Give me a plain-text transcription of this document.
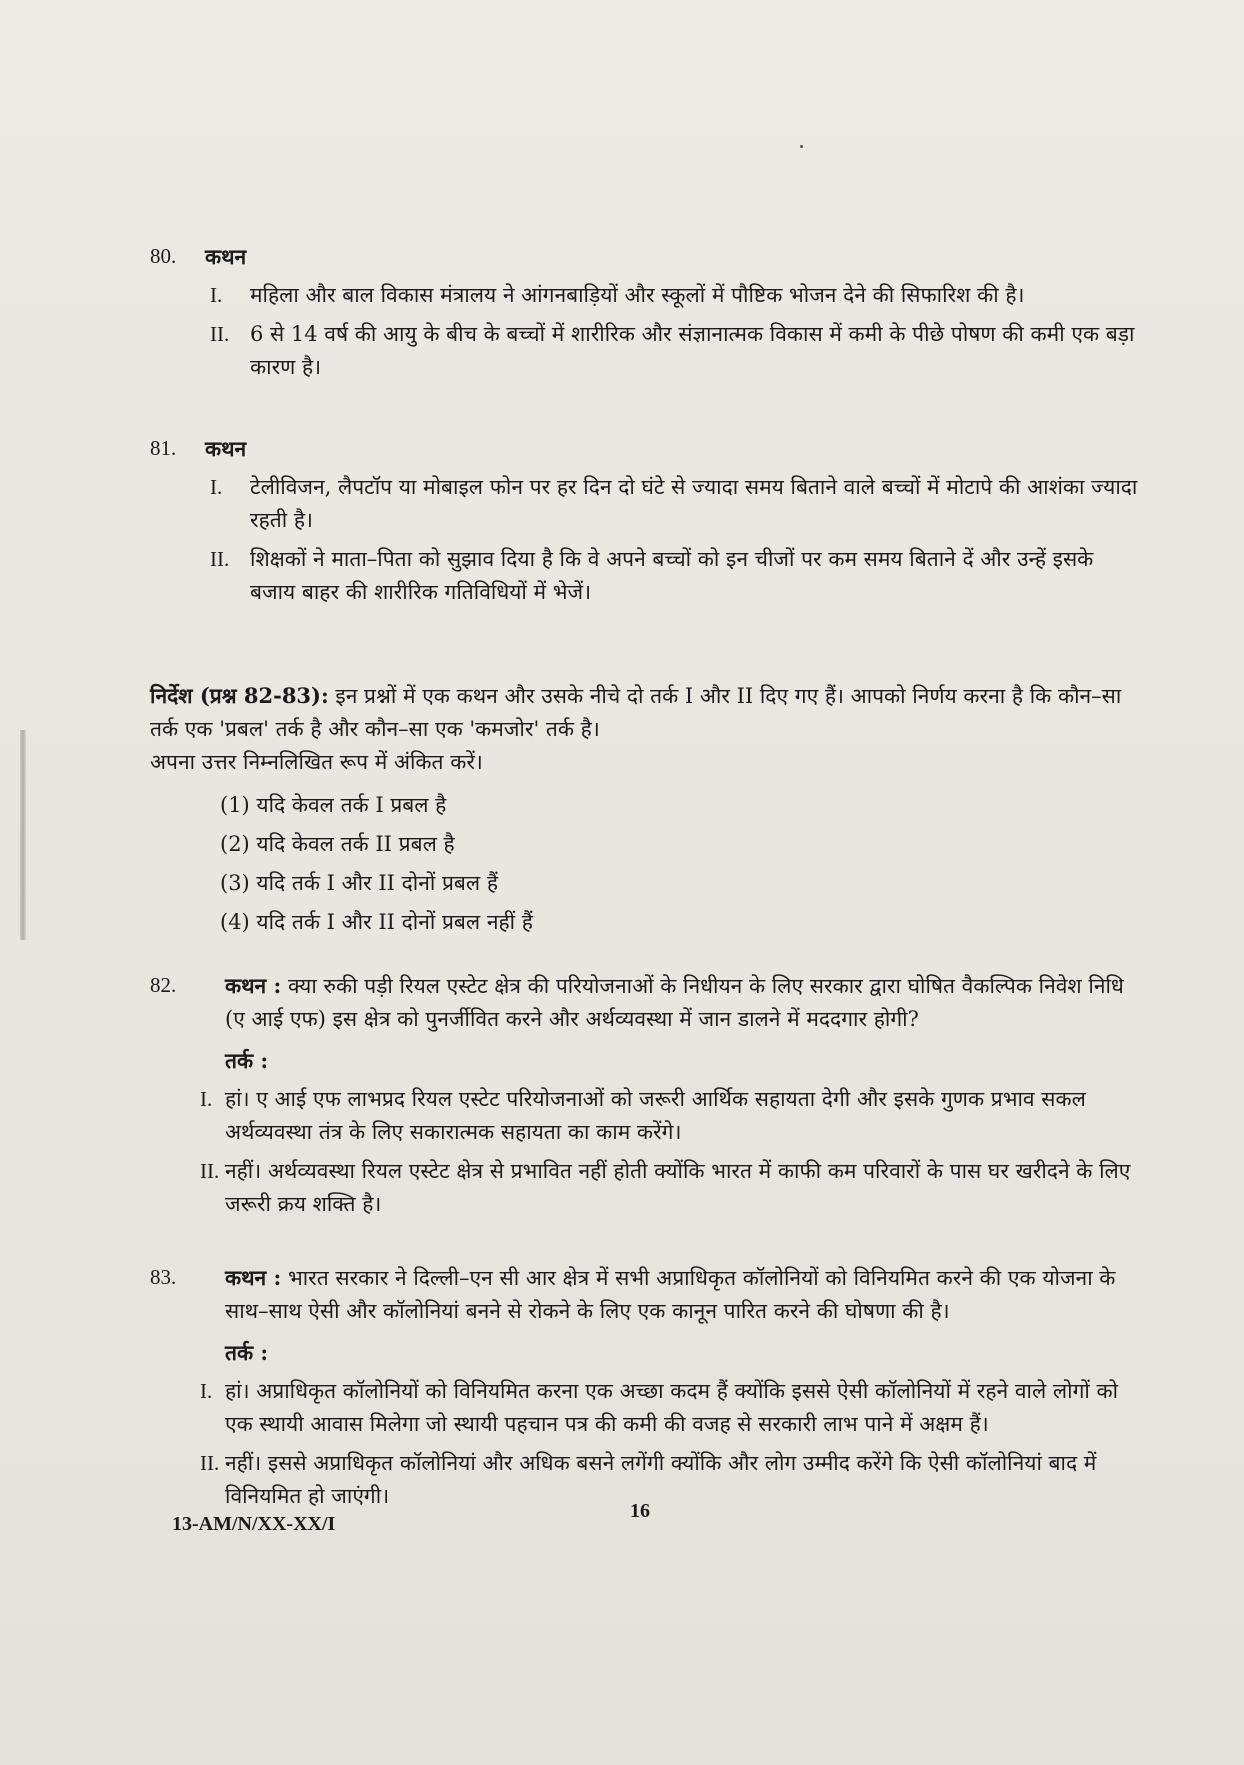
80. कथन
I. महिला और बाल विकास मंत्रालय ने आंगनबाड़ियों और स्कूलों में पौष्टिक भोजन देने की सिफारिश की है।
II. 6 से 14 वर्ष की आयु के बीच के बच्चों में शारीरिक और संज्ञानात्मक विकास में कमी के पीछे पोषण की कमी एक बड़ा कारण है।
81. कथन
I. टेलीविजन, लैपटॉप या मोबाइल फोन पर हर दिन दो घंटे से ज्यादा समय बिताने वाले बच्चों में मोटापे की आशंका ज्यादा रहती है।
II. शिक्षकों ने माता–पिता को सुझाव दिया है कि वे अपने बच्चों को इन चीजों पर कम समय बिताने दें और उन्हें इसके बजाय बाहर की शारीरिक गतिविधियों में भेजें।
निर्देश (प्रश्न 82-83): इन प्रश्नों में एक कथन और उसके नीचे दो तर्क I और II दिए गए हैं। आपको निर्णय करना है कि कौन–सा तर्क एक 'प्रबल' तर्क है और कौन–सा एक 'कमजोर' तर्क है।
अपना उत्तर निम्नलिखित रूप में अंकित करें।
(1) यदि केवल तर्क I प्रबल है
(2) यदि केवल तर्क II प्रबल है
(3) यदि तर्क I और II दोनों प्रबल हैं
(4) यदि तर्क I और II दोनों प्रबल नहीं हैं
82. कथन : क्या रुकी पड़ी रियल एस्टेट क्षेत्र की परियोजनाओं के निधीयन के लिए सरकार द्वारा घोषित वैकल्पिक निवेश निधि (ए आई एफ) इस क्षेत्र को पुनर्जीवित करने और अर्थव्यवस्था में जान डालने में मददगार होगी?
तर्क :
I. हां। ए आई एफ लाभप्रद रियल एस्टेट परियोजनाओं को जरूरी आर्थिक सहायता देगी और इसके गुणक प्रभाव सकल अर्थव्यवस्था तंत्र के लिए सकारात्मक सहायता का काम करेंगे।
II. नहीं। अर्थव्यवस्था रियल एस्टेट क्षेत्र से प्रभावित नहीं होती क्योंकि भारत में काफी कम परिवारों के पास घर खरीदने के लिए जरूरी क्रय शक्ति है।
83. कथन : भारत सरकार ने दिल्ली–एन सी आर क्षेत्र में सभी अप्राधिकृत कॉलोनियों को विनियमित करने की एक योजना के साथ–साथ ऐसी और कॉलोनियां बनने से रोकने के लिए एक कानून पारित करने की घोषणा की है।
तर्क :
I. हां। अप्राधिकृत कॉलोनियों को विनियमित करना एक अच्छा कदम हैं क्योंकि इससे ऐसी कॉलोनियों में रहने वाले लोगों को एक स्थायी आवास मिलेगा जो स्थायी पहचान पत्र की कमी की वजह से सरकारी लाभ पाने में अक्षम हैं।
II. नहीं। इससे अप्राधिकृत कॉलोनियां और अधिक बसने लगेंगी क्योंकि और लोग उम्मीद करेंगे कि ऐसी कॉलोनियां बाद में विनियमित हो जाएंगी।
16
13-AM/N/XX-XX/I
